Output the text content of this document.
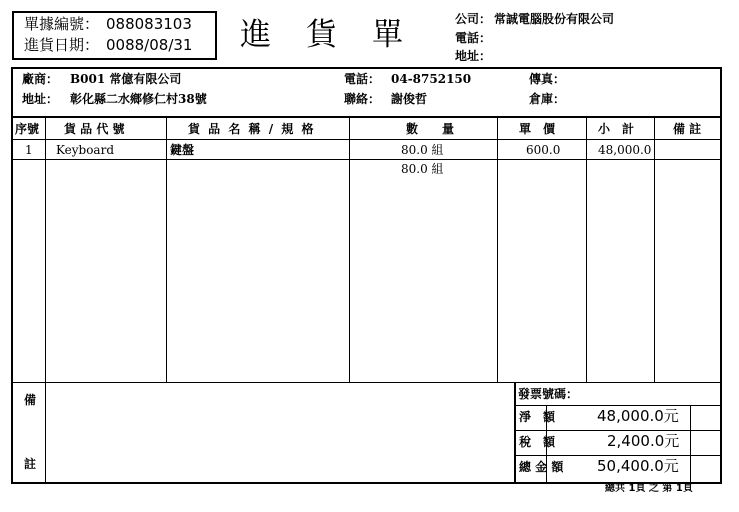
單據編號： 088083103
進貨日期： 0088/08/31 進　貨　單	公司： 常誠電腦股份有限公司
電話：
地址：
廠商： B001 常億有限公司
地址： 彰化縣二水鄉修仁村38號
電話： 04-8752150
聯絡： 謝俊哲
傳真：
倉庫：
序號 貨 品 代 號	貨 品 名 稱 / 規 格	數　　量	單　價	小　計	備 註
1 Keyboard	鍵盤	80.0 組	600.0	48,000.0
80.0 組
備
註
發票號碼：
淨　額	48,000.0元
稅　額	2,400.0元
總 金 額 50,400.0元
總共 1頁 之 第 1頁
